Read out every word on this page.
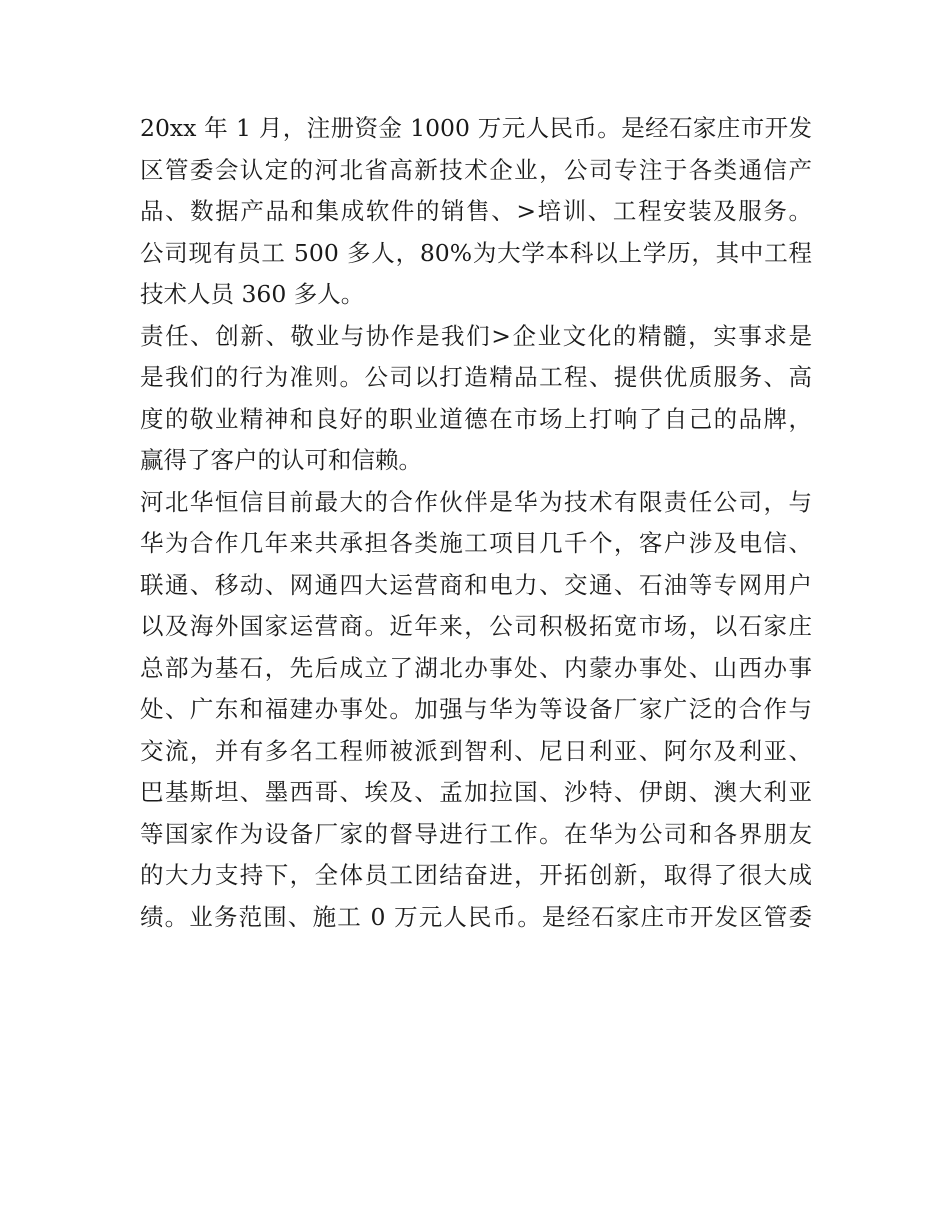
20xx 年 1 月，注册资金 1000 万元人民币。是经石家庄市开发
区管委会认定的河北省高新技术企业，公司专注于各类通信产
品、数据产品和集成软件的销售、>培训、工程安装及服务。
公司现有员工 500 多人，80%为大学本科以上学历，其中工程
技术人员 360 多人。
责任、创新、敬业与协作是我们>企业文化的精髓，实事求是
是我们的行为准则。公司以打造精品工程、提供优质服务、高
度的敬业精神和良好的职业道德在市场上打响了自己的品牌，
赢得了客户的认可和信赖。
河北华恒信目前最大的合作伙伴是华为技术有限责任公司，与
华为合作几年来共承担各类施工项目几千个，客户涉及电信、
联通、移动、网通四大运营商和电力、交通、石油等专网用户
以及海外国家运营商。近年来，公司积极拓宽市场，以石家庄
总部为基石，先后成立了湖北办事处、内蒙办事处、山西办事
处、广东和福建办事处。加强与华为等设备厂家广泛的合作与
交流，并有多名工程师被派到智利、尼日利亚、阿尔及利亚、
巴基斯坦、墨西哥、埃及、孟加拉国、沙特、伊朗、澳大利亚
等国家作为设备厂家的督导进行工作。在华为公司和各界朋友
的大力支持下，全体员工团结奋进，开拓创新，取得了很大成
绩。业务范围、施工 0 万元人民币。是经石家庄市开发区管委
